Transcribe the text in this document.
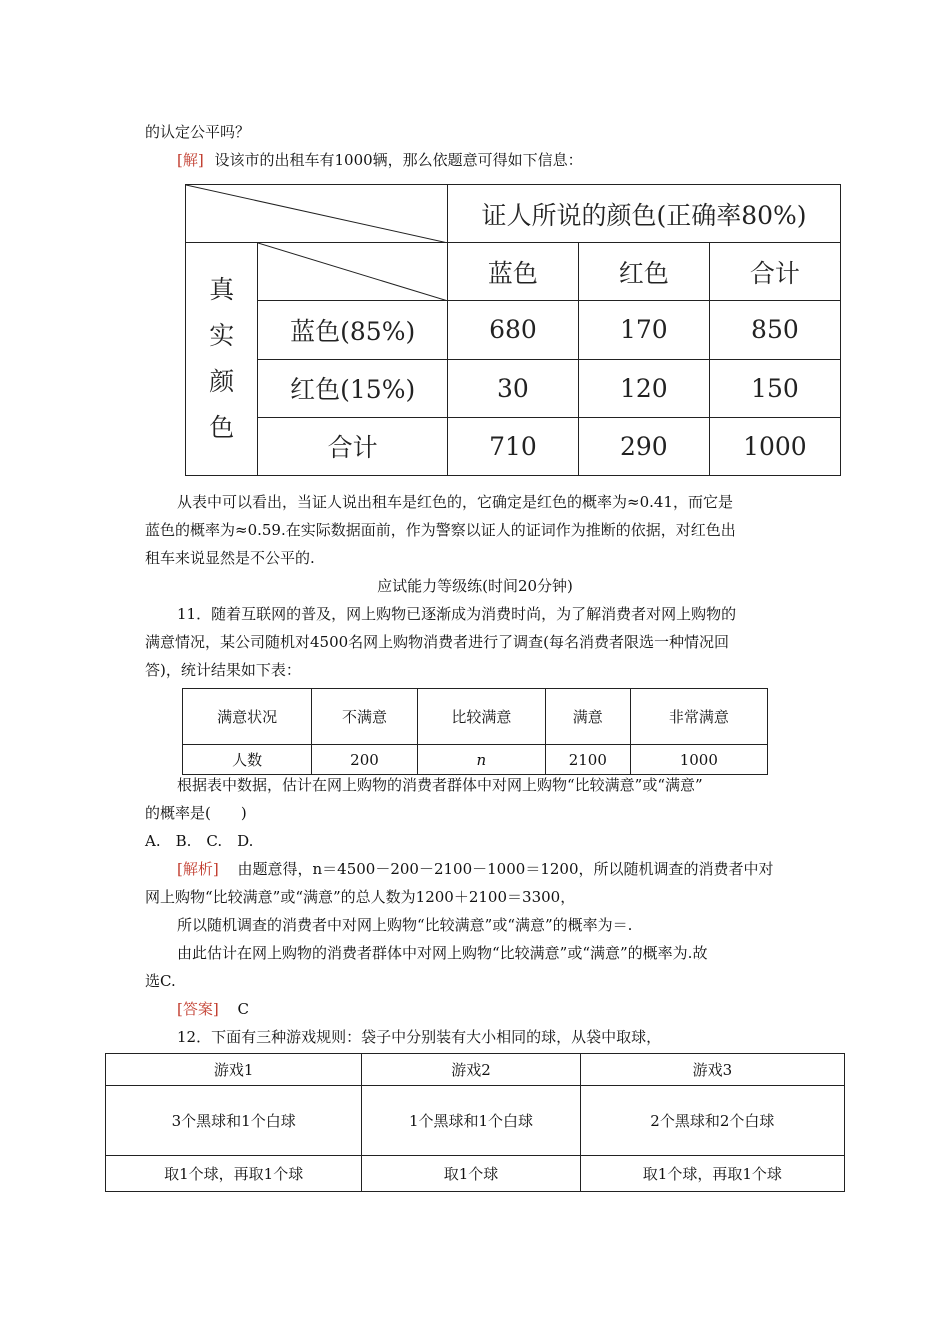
的认定公平吗？
[解] 设该市的出租车有1000辆，那么依题意可得如下信息：
	证人所说的颜色(正确率80%)		

真
实
颜
色		蓝色	红色	合计
	蓝色(85%)	680	170	850
	红色(15%)	30	120	150
	合计	710	290	1000
从表中可以看出，当证人说出租车是红色的，它确定是红色的概率为≈0.41，而它是
蓝色的概率为≈0.59.在实际数据面前，作为警察以证人的证词作为推断的依据，对红色出
租车来说显然是不公平的.
应试能力等级练(时间20分钟)
11．随着互联网的普及，网上购物已逐渐成为消费时尚，为了解消费者对网上购物的
满意情况，某公司随机对4500名网上购物消费者进行了调查(每名消费者限选一种情况回
答)，统计结果如下表：
满意状况	不满意	比较满意	满意	非常满意
人数	200	n	2100	1000
根据表中数据，估计在网上购物的消费者群体中对网上购物“比较满意”或“满意”
的概率是(　　)
A.　B.　C.　D.
[解析] 由题意得，n＝4500－200－2100－1000＝1200，所以随机调查的消费者中对
网上购物“比较满意”或“满意”的总人数为1200＋2100＝3300，
所以随机调查的消费者中对网上购物“比较满意”或“满意”的概率为＝.
由此估计在网上购物的消费者群体中对网上购物“比较满意”或“满意”的概率为.故
选C.
[答案] C
12．下面有三种游戏规则：袋子中分别装有大小相同的球，从袋中取球，
游戏1	游戏2	游戏3
3个黑球和1个白球	1个黑球和1个白球	2个黑球和2个白球
取1个球，再取1个球	取1个球	取1个球，再取1个球
